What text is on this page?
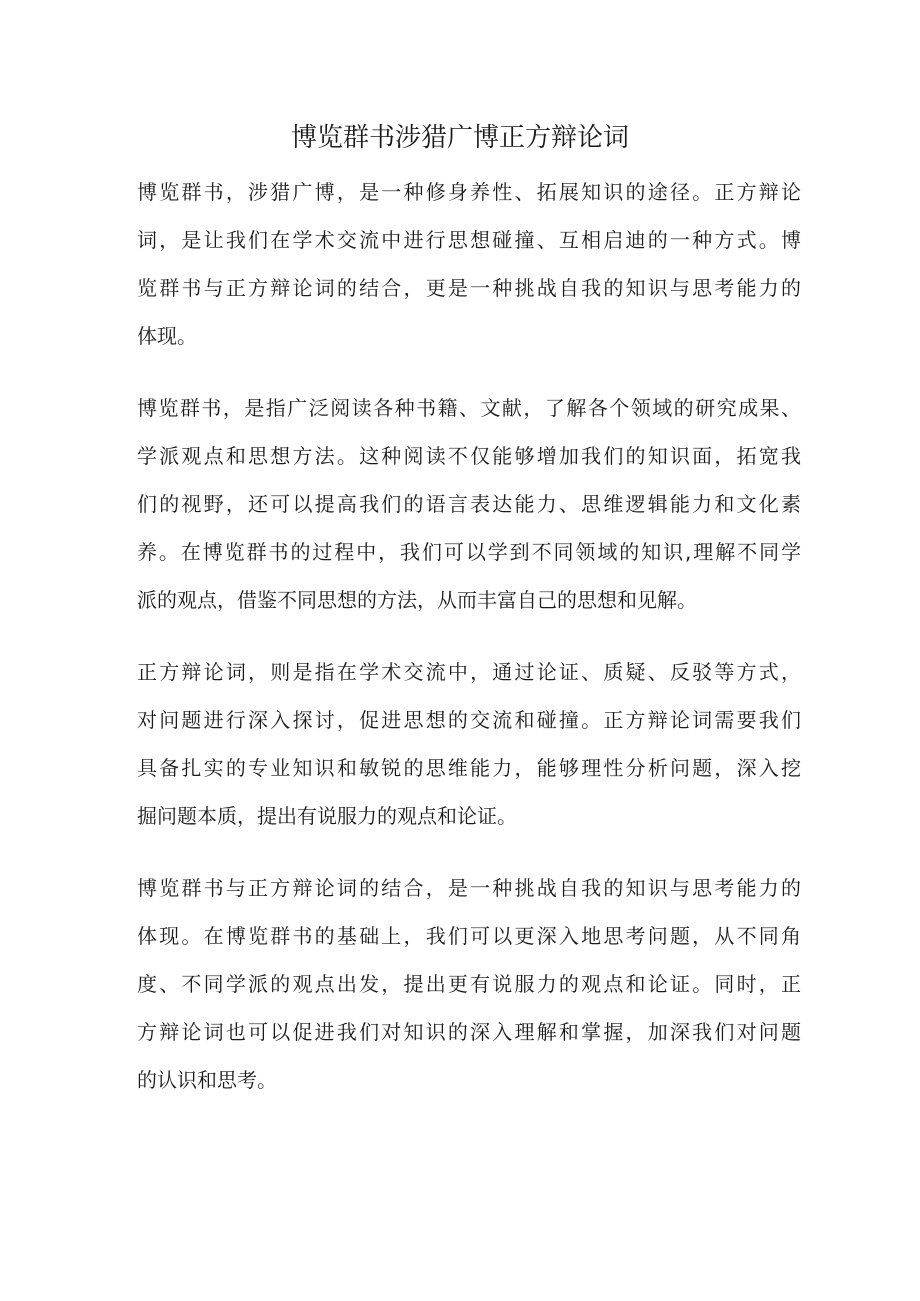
博览群书涉猎广博正方辩论词
博览群书，涉猎广博，是一种修身养性、拓展知识的途径。正方辩论
词，是让我们在学术交流中进行思想碰撞、互相启迪的一种方式。博
览群书与正方辩论词的结合，更是一种挑战自我的知识与思考能力的
体现。
博览群书，是指广泛阅读各种书籍、文献，了解各个领域的研究成果、
学派观点和思想方法。这种阅读不仅能够增加我们的知识面，拓宽我
们的视野，还可以提高我们的语言表达能力、思维逻辑能力和文化素
养。在博览群书的过程中，我们可以学到不同领域的知识,理解不同学
派的观点，借鉴不同思想的方法，从而丰富自己的思想和见解。
正方辩论词，则是指在学术交流中，通过论证、质疑、反驳等方式，
对问题进行深入探讨，促进思想的交流和碰撞。正方辩论词需要我们
具备扎实的专业知识和敏锐的思维能力，能够理性分析问题，深入挖
掘问题本质，提出有说服力的观点和论证。
博览群书与正方辩论词的结合，是一种挑战自我的知识与思考能力的
体现。在博览群书的基础上，我们可以更深入地思考问题，从不同角
度、不同学派的观点出发，提出更有说服力的观点和论证。同时，正
方辩论词也可以促进我们对知识的深入理解和掌握，加深我们对问题
的认识和思考。
